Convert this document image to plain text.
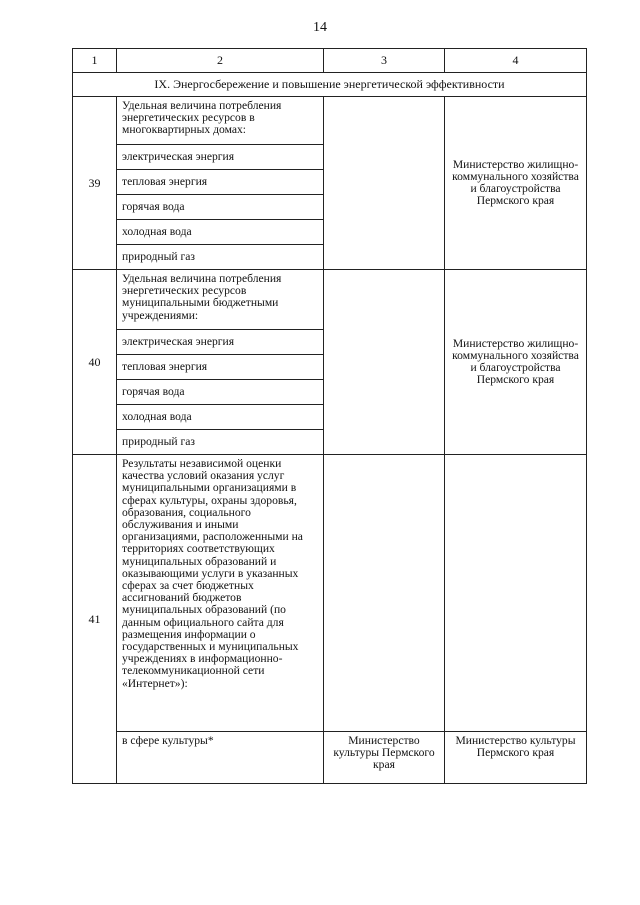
14
1	2	3	4
IX. Энергосбережение и повышение энергетической эффективности			
39	Удельная величина потребления энергетических ресурсов в многоквартирных домах:		Министерство жилищно-коммунального хозяйства и благоустройства Пермского края
	электрическая энергия		
	тепловая энергия		
	горячая вода		
	холодная вода		
	природный газ		
40	Удельная величина потребления энергетических ресурсов муниципальными бюджетными учреждениями:		Министерство жилищно-коммунального хозяйства и благоустройства Пермского края
	электрическая энергия		
	тепловая энергия		
	горячая вода		
	холодная вода		
	природный газ		
41	Результаты независимой оценки качества условий оказания услуг муниципальными организациями в сферах культуры, охраны здоровья, образования, социального обслуживания и иными организациями, расположенными на территориях соответствующих муниципальных образований и оказывающими услуги в указанных сферах за счет бюджетных ассигнований бюджетов муниципальных образований (по данным официального сайта для размещения информации о государственных и муниципальных учреждениях в информационно-телекоммуникационной сети «Интернет»):		
	в сфере культуры*	Министерство культуры Пермского края	Министерство культуры Пермского края
